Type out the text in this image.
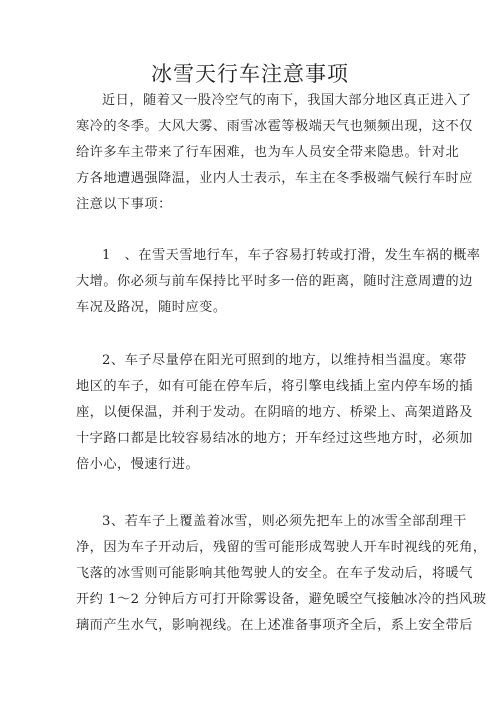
冰雪天行车注意事项
近日，随着又一股冷空气的南下，我国大部分地区真正进入了
寒冷的冬季。大风大雾、雨雪冰雹等极端天气也频频出现，这不仅
给许多车主带来了行车困难，也为车人员安全带来隐患。针对北
方各地遭遇强降温，业内人士表示，车主在冬季极端气候行车时应
注意以下事项：
1　、在雪天雪地行车，车子容易打转或打滑，发生车祸的概率
大增。你必须与前车保持比平时多一倍的距离，随时注意周遭的边
车况及路况，随时应变。
2、车子尽量停在阳光可照到的地方，以维持相当温度。寒带
地区的车子，如有可能在停车后，将引擎电线插上室内停车场的插
座，以便保温，并利于发动。在阴暗的地方、桥梁上、高架道路及
十字路口都是比较容易结冰的地方；开车经过这些地方时，必须加
倍小心，慢速行进。
3、若车子上覆盖着冰雪，则必须先把车上的冰雪全部刮理干
净，因为车子开动后，残留的雪可能形成驾驶人开车时视线的死角，
飞落的冰雪则可能影响其他驾驶人的安全。在车子发动后，将暖气
开约 1～2 分钟后方可打开除雾设备，避免暖空气接触冰冷的挡风玻
璃而产生水气，影响视线。在上述准备事项齐全后，系上安全带后
